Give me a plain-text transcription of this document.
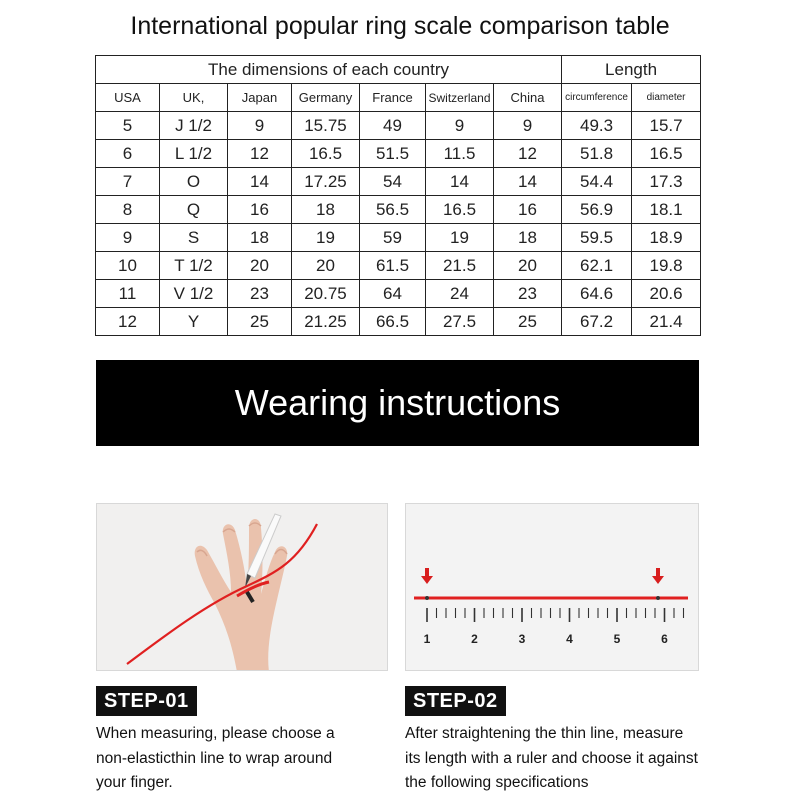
International popular ring scale comparison table
The dimensions of each country							Length	
USA	UK,	Japan	Germany	France	Switzerland	China	circumference	diameter
5	J 1/2	9	15.75	49	9	9	49.3	15.7
6	L 1/2	12	16.5	51.5	11.5	12	51.8	16.5
7	O	14	17.25	54	14	14	54.4	17.3
8	Q	16	18	56.5	16.5	16	56.9	18.1
9	S	18	19	59	19	18	59.5	18.9
10	T 1/2	20	20	61.5	21.5	20	62.1	19.8
11	V 1/2	23	20.75	64	24	23	64.6	20.6
12	Y	25	21.25	66.5	27.5	25	67.2	21.4
Wearing instructions
1	2	3	4	5	6
STEP-01	STEP-02
When measuring, please choose a
non-elasticthin line to wrap around
your finger.
After straightening the thin line, measure
its length with a ruler and choose it against
the following specifications
